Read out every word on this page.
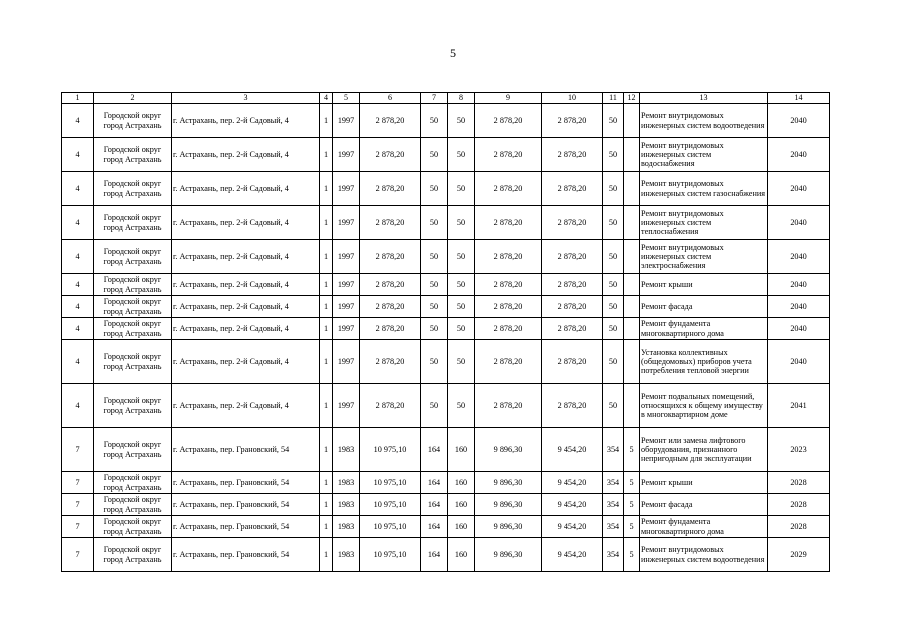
5
1	2	3	4	5	6	7	8	9	10	11	12	13	14
4	Городской округ город Астрахань	г. Астрахань, пер. 2-й Садовый, 4	1	1997	2 878,20	50	50	2 878,20	2 878,20	50		Ремонт внутридомовых инженерных систем водоотведения	2040
4	Городской округ город Астрахань	г. Астрахань, пер. 2-й Садовый, 4	1	1997	2 878,20	50	50	2 878,20	2 878,20	50		Ремонт внутридомовых инженерных систем водоснабжения	2040
4	Городской округ город Астрахань	г. Астрахань, пер. 2-й Садовый, 4	1	1997	2 878,20	50	50	2 878,20	2 878,20	50		Ремонт внутридомовых инженерных систем газоснабжения	2040
4	Городской округ город Астрахань	г. Астрахань, пер. 2-й Садовый, 4	1	1997	2 878,20	50	50	2 878,20	2 878,20	50		Ремонт внутридомовых инженерных систем теплоснабжения	2040
4	Городской округ город Астрахань	г. Астрахань, пер. 2-й Садовый, 4	1	1997	2 878,20	50	50	2 878,20	2 878,20	50		Ремонт внутридомовых инженерных систем электроснабжения	2040
4	Городской округ город Астрахань	г. Астрахань, пер. 2-й Садовый, 4	1	1997	2 878,20	50	50	2 878,20	2 878,20	50		Ремонт крыши	2040
4	Городской округ город Астрахань	г. Астрахань, пер. 2-й Садовый, 4	1	1997	2 878,20	50	50	2 878,20	2 878,20	50		Ремонт фасада	2040
4	Городской округ город Астрахань	г. Астрахань, пер. 2-й Садовый, 4	1	1997	2 878,20	50	50	2 878,20	2 878,20	50		Ремонт фундамента многоквартирного дома	2040
4	Городской округ город Астрахань	г. Астрахань, пер. 2-й Садовый, 4	1	1997	2 878,20	50	50	2 878,20	2 878,20	50		Установка коллективных (общедомовых) приборов учета потребления тепловой энергии	2040
4	Городской округ город Астрахань	г. Астрахань, пер. 2-й Садовый, 4	1	1997	2 878,20	50	50	2 878,20	2 878,20	50		Ремонт подвальных помещений, относящихся к общему имуществу в многоквартирном доме	2041
7	Городской округ город Астрахань	г. Астрахань, пер. Грановский, 54	1	1983	10 975,10	164	160	9 896,30	9 454,20	354	5	Ремонт или замена лифтового оборудования, признанного непригодным для эксплуатации	2023
7	Городской округ город Астрахань	г. Астрахань, пер. Грановский, 54	1	1983	10 975,10	164	160	9 896,30	9 454,20	354	5	Ремонт крыши	2028
7	Городской округ город Астрахань	г. Астрахань, пер. Грановский, 54	1	1983	10 975,10	164	160	9 896,30	9 454,20	354	5	Ремонт фасада	2028
7	Городской округ город Астрахань	г. Астрахань, пер. Грановский, 54	1	1983	10 975,10	164	160	9 896,30	9 454,20	354	5	Ремонт фундамента многоквартирного дома	2028
7	Городской округ город Астрахань	г. Астрахань, пер. Грановский, 54	1	1983	10 975,10	164	160	9 896,30	9 454,20	354	5	Ремонт внутридомовых инженерных систем водоотведения	2029
